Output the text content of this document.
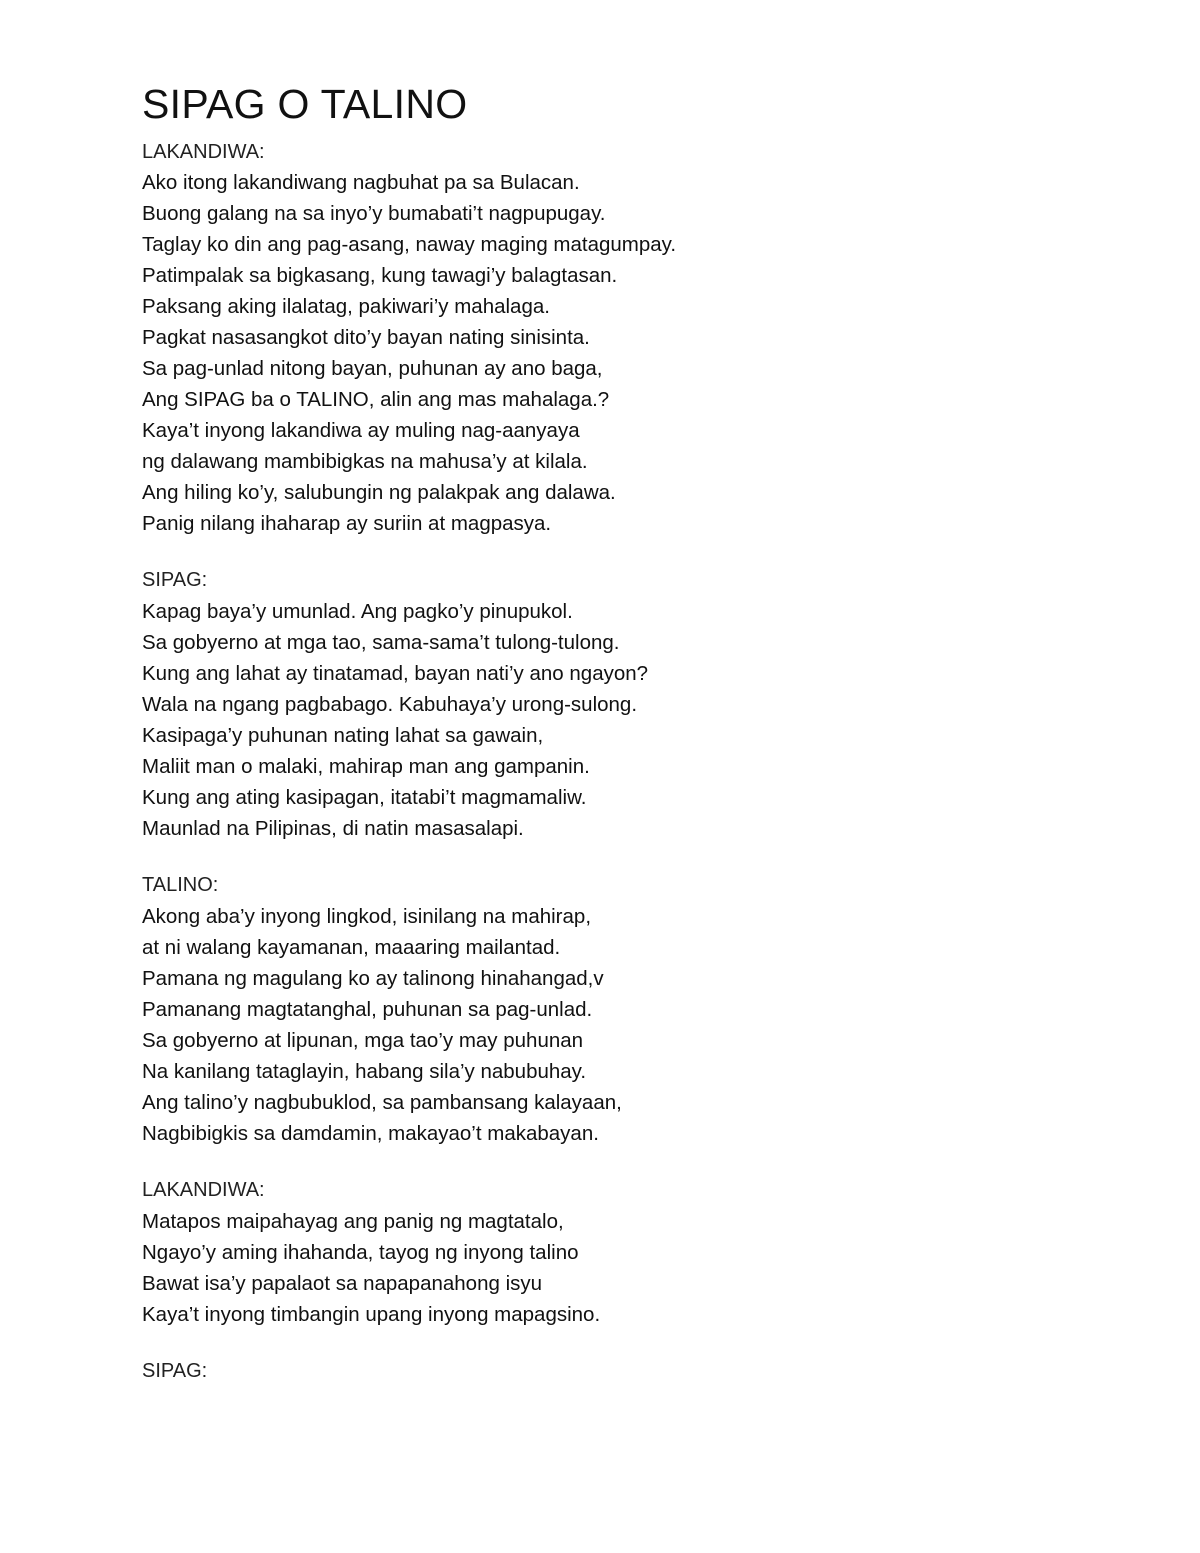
SIPAG O TALINO
LAKANDIWA:
Ako itong lakandiwang nagbuhat pa sa Bulacan.
Buong galang na sa inyo’y bumabati’t nagpupugay.
Taglay ko din ang pag-asang, naway maging matagumpay.
Patimpalak sa bigkasang, kung tawagi’y balagtasan.
Paksang aking ilalatag, pakiwari’y mahalaga.
Pagkat nasasangkot dito’y bayan nating sinisinta.
Sa pag-unlad nitong bayan, puhunan ay ano baga,
Ang SIPAG ba o TALINO, alin ang mas mahalaga.?
Kaya’t inyong lakandiwa ay muling nag-aanyaya
ng dalawang mambibigkas na mahusa’y at kilala.
Ang hiling ko’y, salubungin ng palakpak ang dalawa.
Panig nilang ihaharap ay suriin at magpasya.
SIPAG:
Kapag baya’y umunlad. Ang pagko’y pinupukol.
Sa gobyerno at mga tao, sama-sama’t tulong-tulong.
Kung ang lahat ay tinatamad, bayan nati’y ano ngayon?
Wala na ngang pagbabago. Kabuhaya’y urong-sulong.
Kasipaga’y puhunan nating lahat sa gawain,
Maliit man o malaki, mahirap man ang gampanin.
Kung ang ating kasipagan, itatabi’t magmamaliw.
Maunlad na Pilipinas, di natin masasalapi.
TALINO:
Akong aba’y inyong lingkod, isinilang na mahirap,
at ni walang kayamanan, maaaring mailantad.
Pamana ng magulang ko ay talinong hinahangad,v
Pamanang magtatanghal, puhunan sa pag-unlad.
Sa gobyerno at lipunan, mga tao’y may puhunan
Na kanilang tataglayin, habang sila’y nabubuhay.
Ang talino’y nagbubuklod, sa pambansang kalayaan,
Nagbibigkis sa damdamin, makayao’t makabayan.
LAKANDIWA:
Matapos maipahayag ang panig ng magtatalo,
Ngayo’y aming ihahanda, tayog ng inyong talino
Bawat isa’y papalaot sa napapanahong isyu
Kaya’t inyong timbangin upang inyong mapagsino.
SIPAG:
